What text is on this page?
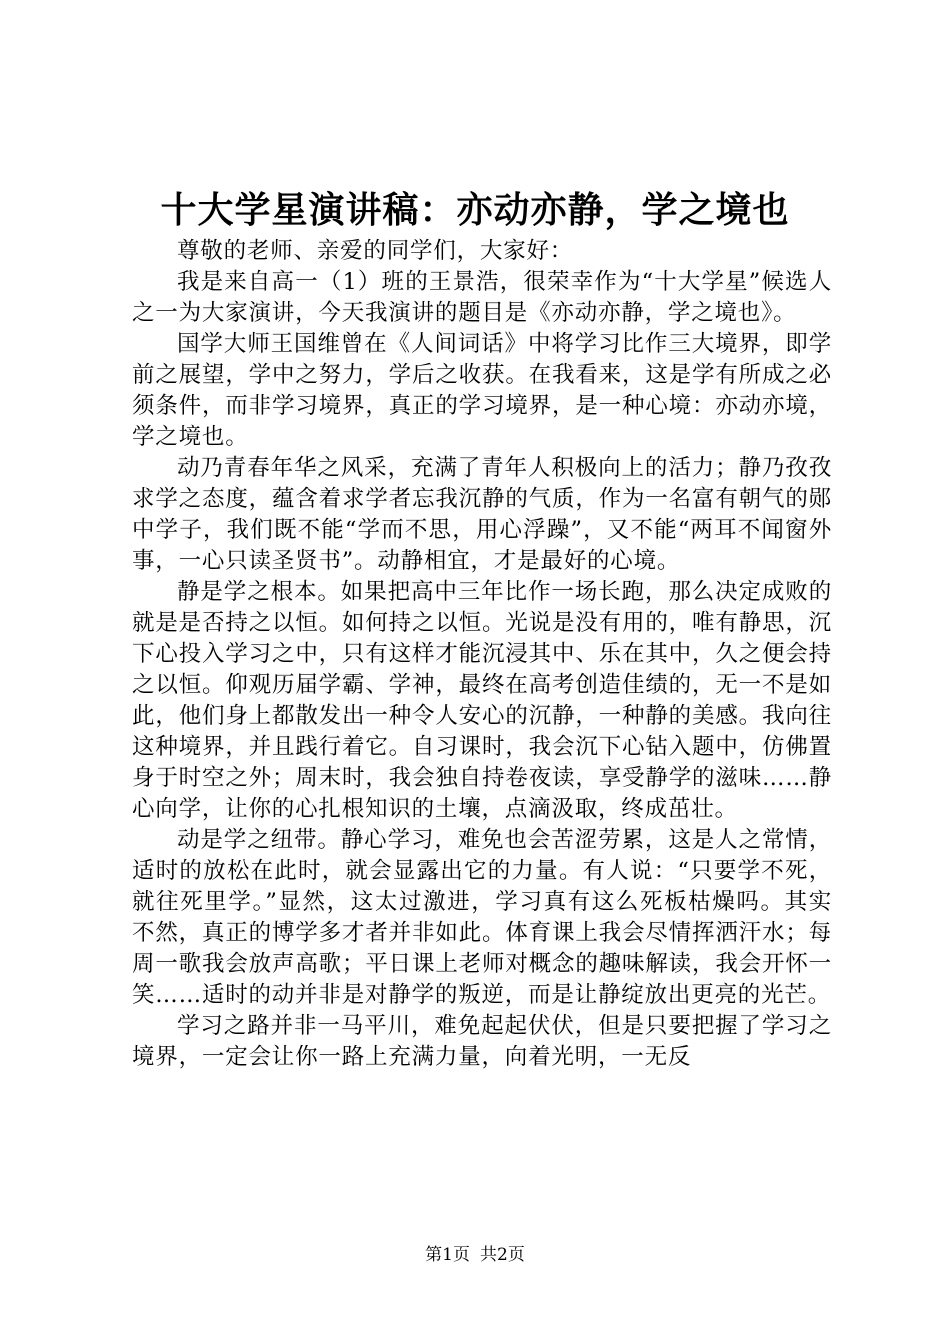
十大学星演讲稿：亦动亦静，学之境也

尊敬的老师、亲爱的同学们，大家好：

我是来自高一（1）班的王景浩，很荣幸作为“十大学星”候选人之一为大家演讲，今天我演讲的题目是《亦动亦静，学之境也》。

国学大师王国维曾在《人间词话》中将学习比作三大境界，即学前之展望，学中之努力，学后之收获。在我看来，这是学有所成之必须条件，而非学习境界，真正的学习境界，是一种心境：亦动亦境，学之境也。

动乃青春年华之风采，充满了青年人积极向上的活力；静乃孜孜求学之态度，蕴含着求学者忘我沉静的气质，作为一名富有朝气的郧中学子，我们既不能“学而不思，用心浮躁”，又不能“两耳不闻窗外事，一心只读圣贤书”。动静相宜，才是最好的心境。

静是学之根本。如果把高中三年比作一场长跑，那么决定成败的就是是否持之以恒。如何持之以恒。光说是没有用的，唯有静思，沉下心投入学习之中，只有这样才能沉浸其中、乐在其中，久之便会持之以恒。仰观历届学霸、学神，最终在高考创造佳绩的，无一不是如此，他们身上都散发出一种令人安心的沉静，一种静的美感。我向往这种境界，并且践行着它。自习课时，我会沉下心钻入题中，仿佛置身于时空之外；周末时，我会独自持卷夜读，享受静学的滋味……静心向学，让你的心扎根知识的土壤，点滴汲取，终成茁壮。

动是学之纽带。静心学习，难免也会苦涩劳累，这是人之常情，适时的放松在此时，就会显露出它的力量。有人说：“只要学不死，就往死里学。”显然，这太过激进，学习真有这么死板枯燥吗。其实不然，真正的博学多才者并非如此。体育课上我会尽情挥洒汗水；每周一歌我会放声高歌；平日课上老师对概念的趣味解读，我会开怀一笑……适时的动并非是对静学的叛逆，而是让静绽放出更亮的光芒。

学习之路并非一马平川，难免起起伏伏，但是只要把握了学习之境界，一定会让你一路上充满力量，向着光明，一无反

第1页 共2页
